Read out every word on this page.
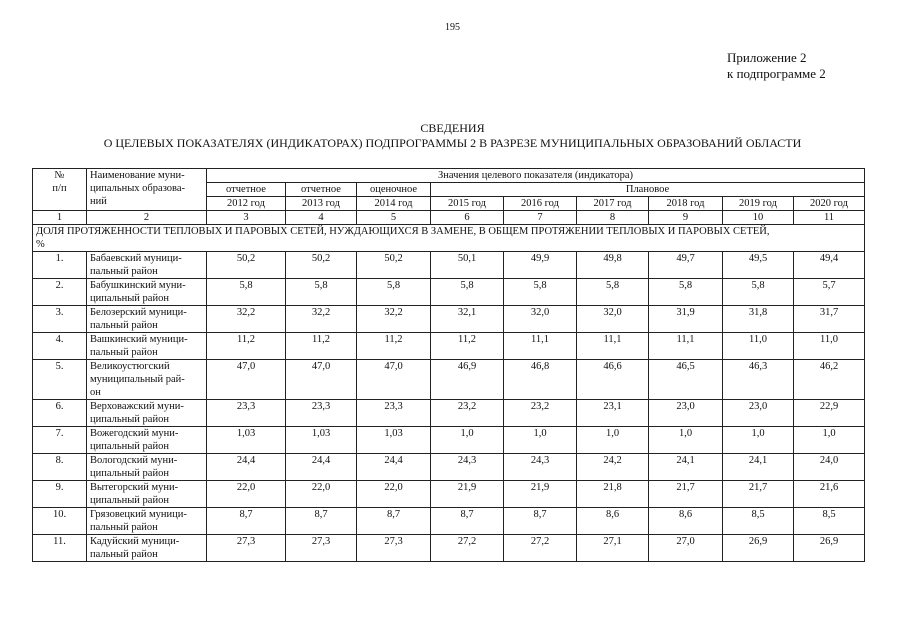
195
Приложение 2
к подпрограмме 2
СВЕДЕНИЯ
О ЦЕЛЕВЫХ ПОКАЗАТЕЛЯХ (ИНДИКАТОРАХ) ПОДПРОГРАММЫ 2 В РАЗРЕЗЕ МУНИЦИПАЛЬНЫХ ОБРАЗОВАНИЙ ОБЛАСТИ
№
п/п	Наименование муни-
ципальных образова-
ний	Значения целевого показателя (индикатора)								
		отчетное	отчетное	оценочное	Плановое					
		2012 год	2013 год	2014 год	2015 год	2016 год	2017 год	2018 год	2019 год	2020 год
1	2	3	4	5	6	7	8	9	10	11
ДОЛЯ ПРОТЯЖЕННОСТИ ТЕПЛОВЫХ И ПАРОВЫХ СЕТЕЙ, НУЖДАЮЩИХСЯ В ЗАМЕНЕ, В ОБЩЕМ ПРОТЯЖЕНИИ ТЕПЛОВЫХ И ПАРОВЫХ СЕТЕЙ,
%										
1.	Бабаевский муници-
пальный район	50,2	50,2	50,2	50,1	49,9	49,8	49,7	49,5	49,4
2.	Бабушкинский муни-
ципальный район	5,8	5,8	5,8	5,8	5,8	5,8	5,8	5,8	5,7
3.	Белозерский муници-
пальный район	32,2	32,2	32,2	32,1	32,0	32,0	31,9	31,8	31,7
4.	Вашкинский муници-
пальный район	11,2	11,2	11,2	11,2	11,1	11,1	11,1	11,0	11,0
5.	Великоустюгский
муниципальный рай-
он	47,0	47,0	47,0	46,9	46,8	46,6	46,5	46,3	46,2
6.	Верховажский муни-
ципальный район	23,3	23,3	23,3	23,2	23,2	23,1	23,0	23,0	22,9
7.	Вожегодский муни-
ципальный район	1,03	1,03	1,03	1,0	1,0	1,0	1,0	1,0	1,0
8.	Вологодский муни-
ципальный район	24,4	24,4	24,4	24,3	24,3	24,2	24,1	24,1	24,0
9.	Вытегорский муни-
ципальный район	22,0	22,0	22,0	21,9	21,9	21,8	21,7	21,7	21,6
10.	Грязовецкий муници-
пальный район	8,7	8,7	8,7	8,7	8,7	8,6	8,6	8,5	8,5
11.	Кадуйский муници-
пальный район	27,3	27,3	27,3	27,2	27,2	27,1	27,0	26,9	26,9
